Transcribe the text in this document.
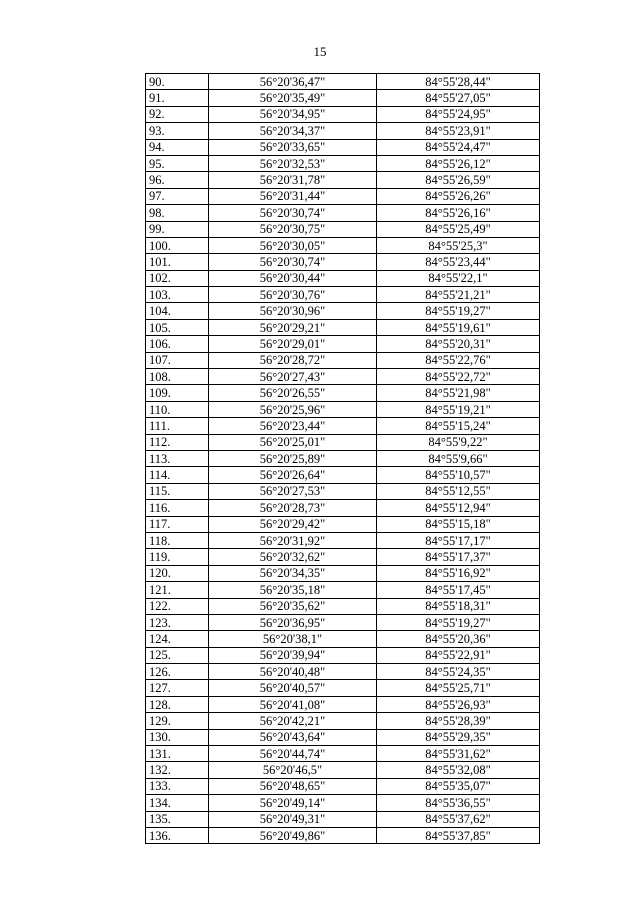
15
90.	56°20'36,47"	84°55'28,44"
91.	56°20'35,49"	84°55'27,05"
92.	56°20'34,95"	84°55'24,95"
93.	56°20'34,37"	84°55'23,91"
94.	56°20'33,65"	84°55'24,47"
95.	56°20'32,53"	84°55'26,12"
96.	56°20'31,78"	84°55'26,59"
97.	56°20'31,44"	84°55'26,26"
98.	56°20'30,74"	84°55'26,16"
99.	56°20'30,75"	84°55'25,49"
100.	56°20'30,05"	84°55'25,3"
101.	56°20'30,74"	84°55'23,44"
102.	56°20'30,44"	84°55'22,1"
103.	56°20'30,76"	84°55'21,21"
104.	56°20'30,96"	84°55'19,27"
105.	56°20'29,21"	84°55'19,61"
106.	56°20'29,01"	84°55'20,31"
107.	56°20'28,72"	84°55'22,76"
108.	56°20'27,43"	84°55'22,72"
109.	56°20'26,55"	84°55'21,98"
110.	56°20'25,96"	84°55'19,21"
111.	56°20'23,44"	84°55'15,24"
112.	56°20'25,01"	84°55'9,22"
113.	56°20'25,89"	84°55'9,66"
114.	56°20'26,64"	84°55'10,57"
115.	56°20'27,53"	84°55'12,55"
116.	56°20'28,73"	84°55'12,94"
117.	56°20'29,42"	84°55'15,18"
118.	56°20'31,92"	84°55'17,17"
119.	56°20'32,62"	84°55'17,37"
120.	56°20'34,35"	84°55'16,92"
121.	56°20'35,18"	84°55'17,45"
122.	56°20'35,62"	84°55'18,31"
123.	56°20'36,95"	84°55'19,27"
124.	56°20'38,1"	84°55'20,36"
125.	56°20'39,94"	84°55'22,91"
126.	56°20'40,48"	84°55'24,35"
127.	56°20'40,57"	84°55'25,71"
128.	56°20'41,08"	84°55'26,93"
129.	56°20'42,21"	84°55'28,39"
130.	56°20'43,64"	84°55'29,35"
131.	56°20'44,74"	84°55'31,62"
132.	56°20'46,5"	84°55'32,08"
133.	56°20'48,65"	84°55'35,07"
134.	56°20'49,14"	84°55'36,55"
135.	56°20'49,31"	84°55'37,62"
136.	56°20'49,86"	84°55'37,85"
